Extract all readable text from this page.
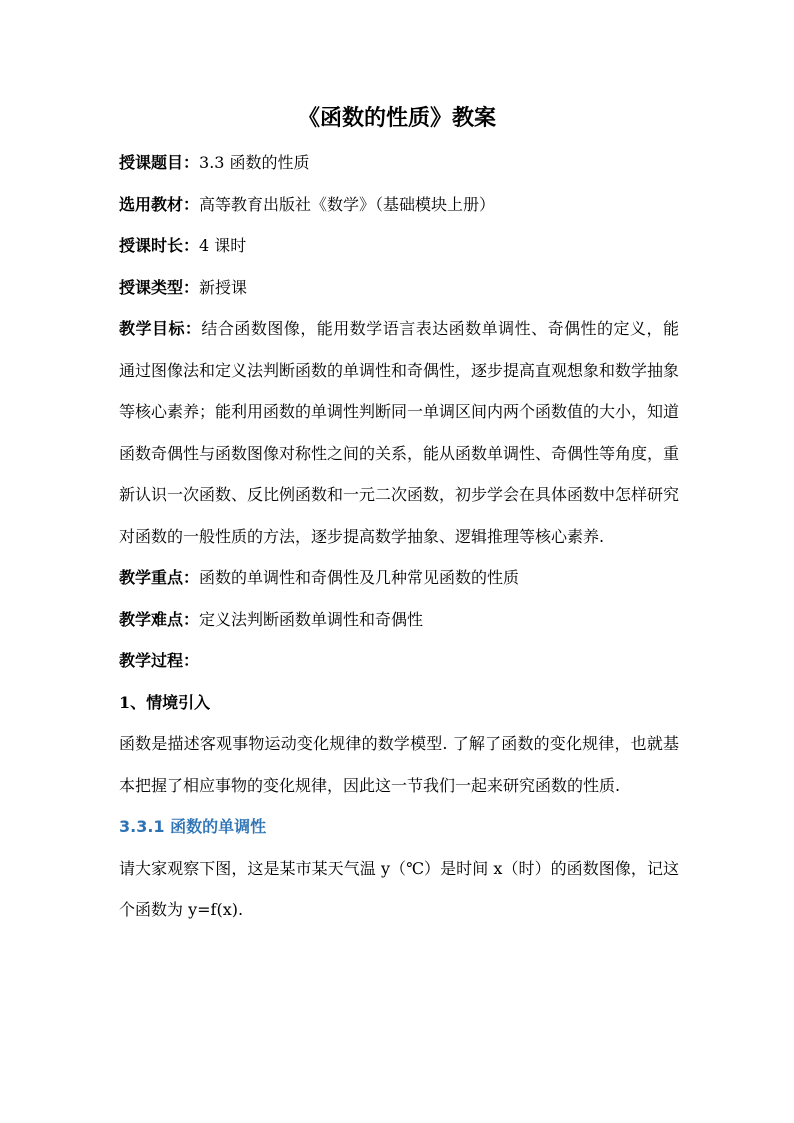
《函数的性质》教案

授课题目：3.3 函数的性质

选用教材：高等教育出版社《数学》（基础模块上册）

授课时长：4 课时

授课类型：新授课

教学目标：结合函数图像，能用数学语言表达函数单调性、奇偶性的定义，能通过图像法和定义法判断函数的单调性和奇偶性，逐步提高直观想象和数学抽象等核心素养；能利用函数的单调性判断同一单调区间内两个函数值的大小，知道函数奇偶性与函数图像对称性之间的关系，能从函数单调性、奇偶性等角度，重新认识一次函数、反比例函数和一元二次函数，初步学会在具体函数中怎样研究对函数的一般性质的方法，逐步提高数学抽象、逻辑推理等核心素养.

教学重点：函数的单调性和奇偶性及几种常见函数的性质

教学难点：定义法判断函数单调性和奇偶性

教学过程：

1、情境引入

函数是描述客观事物运动变化规律的数学模型. 了解了函数的变化规律，也就基本把握了相应事物的变化规律，因此这一节我们一起来研究函数的性质.

3.3.1 函数的单调性

请大家观察下图，这是某市某天气温 y（℃）是时间 x（时）的函数图像，记这个函数为 y=f(x).
